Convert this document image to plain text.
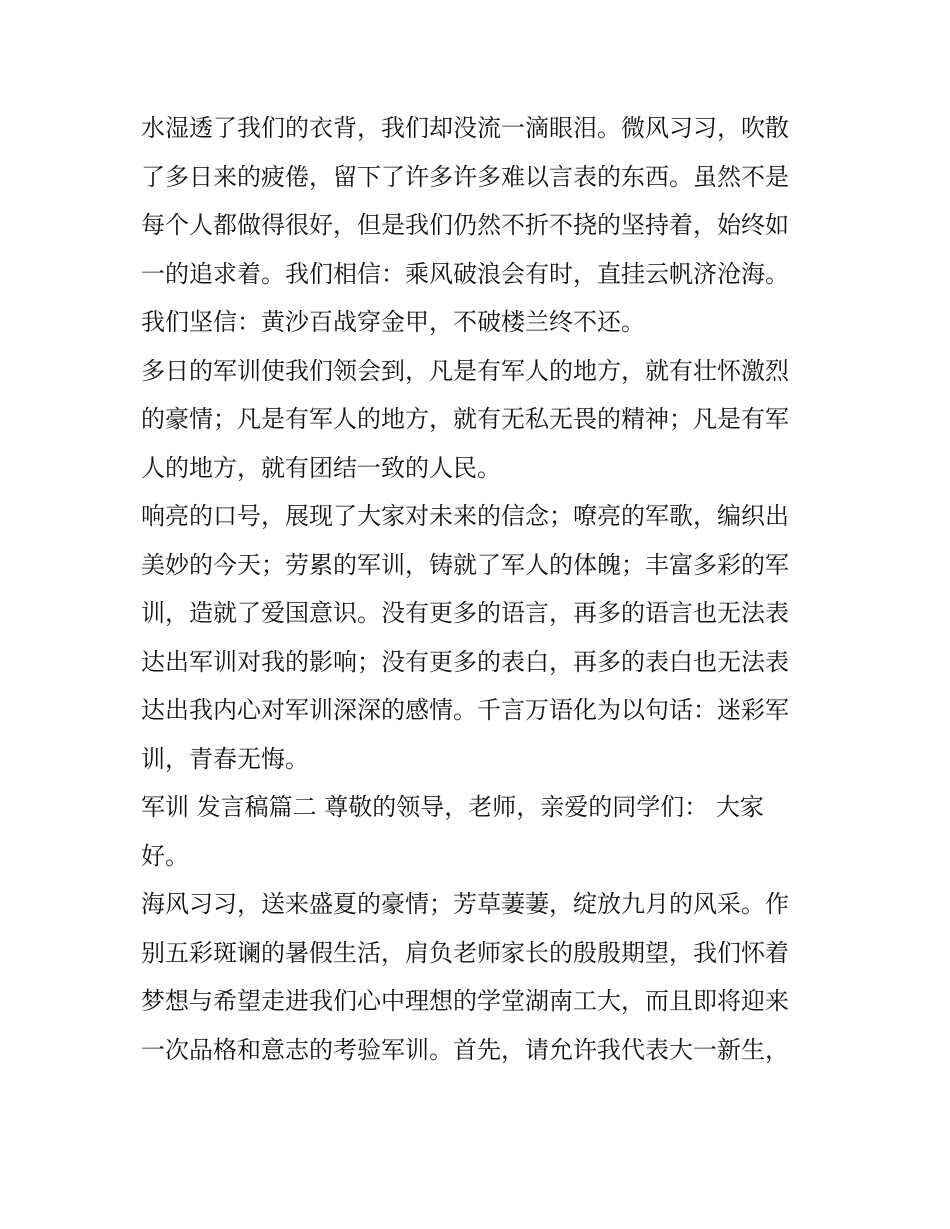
水湿透了我们的衣背，我们却没流一滴眼泪。微风习习，吹散
了多日来的疲倦，留下了许多许多难以言表的东西。虽然不是
每个人都做得很好，但是我们仍然不折不挠的坚持着，始终如
一的追求着。我们相信：乘风破浪会有时，直挂云帆济沧海。
我们坚信：黄沙百战穿金甲，不破楼兰终不还。
多日的军训使我们领会到，凡是有军人的地方，就有壮怀激烈
的豪情；凡是有军人的地方，就有无私无畏的精神；凡是有军
人的地方，就有团结一致的人民。
响亮的口号，展现了大家对未来的信念；嘹亮的军歌，编织出
美妙的今天；劳累的军训，铸就了军人的体魄；丰富多彩的军
训，造就了爱国意识。没有更多的语言，再多的语言也无法表
达出军训对我的影响；没有更多的表白，再多的表白也无法表
达出我内心对军训深深的感情。千言万语化为以句话：迷彩军
训，青春无悔。
军训 发言稿篇二 尊敬的领导，老师，亲爱的同学们： 大家
好。
海风习习，送来盛夏的豪情；芳草萋萋，绽放九月的风采。作
别五彩斑谰的暑假生活，肩负老师家长的殷殷期望，我们怀着
梦想与希望走进我们心中理想的学堂湖南工大，而且即将迎来
一次品格和意志的考验军训。首先，请允许我代表大一新生，
